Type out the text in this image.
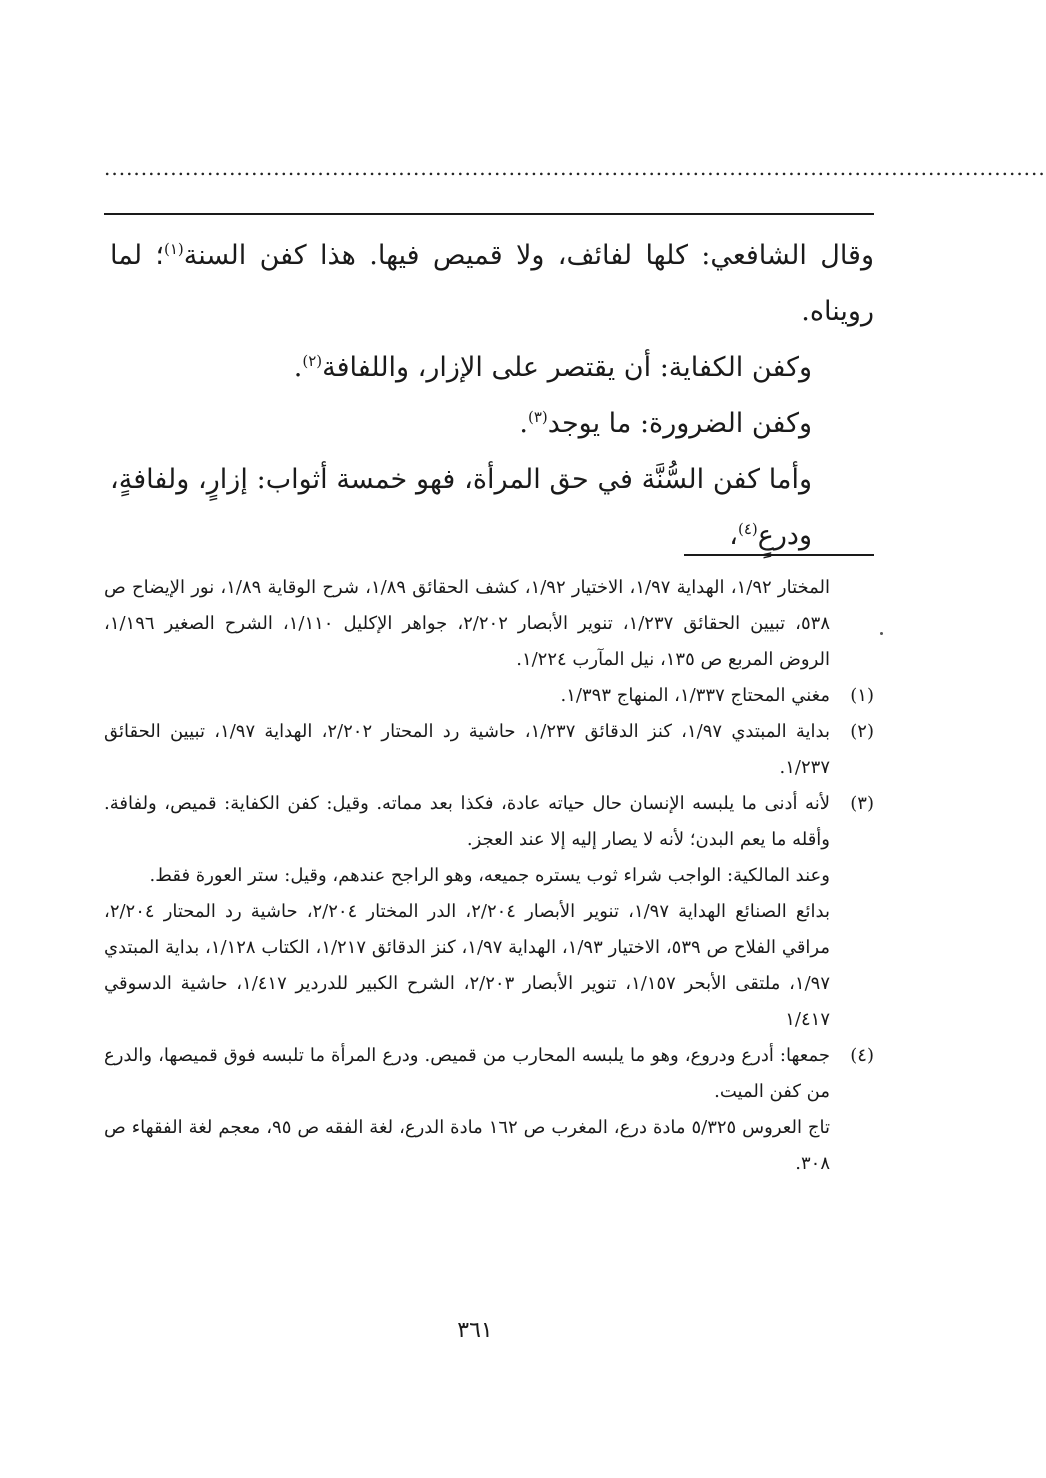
................................................................................................................................

وقال الشافعي: كلها لفائف، ولا قميص فيها. هذا كفن السنة$^{(١)}$؛ لما رويناه.

وكفن الكفاية: أن يقتصر على الإزار، واللفافة$^{(٢)}$.

وكفن الضرورة: ما يوجد$^{(٣)}$.

وأما كفن السُّنَّة في حق المرأة، فهو خمسة أثواب: إزارٍ، ولفافةٍ، ودرعٍ$^{(٤)}$،

المختار ١/٩٢، الهداية ١/٩٧، الاختيار ١/٩٢، كشف الحقائق ١/٨٩، شرح الوقاية ١/٨٩، نور الإيضاح ص ٥٣٨، تبيين الحقائق ١/٢٣٧، تنوير الأبصار ٢/٢٠٢، جواهر الإكليل ١/١١٠، الشرح الصغير ١/١٩٦، الروض المربع ص ١٣٥، نيل المآرب ١/٢٢٤.

(١)

مغني المحتاج ١/٣٣٧، المنهاج ١/٣٩٣.

(٢)

بداية المبتدي ١/٩٧، كنز الدقائق ١/٢٣٧، حاشية رد المحتار ٢/٢٠٢، الهداية ١/٩٧، تبيين الحقائق ١/٢٣٧.

(٣)

لأنه أدنى ما يلبسه الإنسان حال حياته عادة، فكذا بعد مماته. وقيل: كفن الكفاية: قميص، ولفافة. وأقله ما يعم البدن؛ لأنه لا يصار إليه إلا عند العجز.

وعند المالكية: الواجب شراء ثوب يستره جميعه، وهو الراجح عندهم، وقيل: ستر العورة فقط.

بدائع الصنائع الهداية ١/٩٧، تنوير الأبصار ٢/٢٠٤، الدر المختار ٢/٢٠٤، حاشية رد المحتار ٢/٢٠٤، مراقي الفلاح ص ٥٣٩، الاختيار ١/٩٣، الهداية ١/٩٧، كنز الدقائق ١/٢١٧، الكتاب ١/١٢٨، بداية المبتدي ١/٩٧، ملتقى الأبحر ١/١٥٧، تنوير الأبصار ٢/٢٠٣، الشرح الكبير للدردير ١/٤١٧، حاشية الدسوقي ١/٤١٧

(٤)

جمعها: أدرع ودروع، وهو ما يلبسه المحارب من قميص. ودرع المرأة ما تلبسه فوق قميصها، والدرع من كفن الميت.

تاج العروس ٥/٣٢٥ مادة درع، المغرب ص ١٦٢ مادة الدرع، لغة الفقه ص ٩٥، معجم لغة الفقهاء ص ٣٠٨.

٣٦١
